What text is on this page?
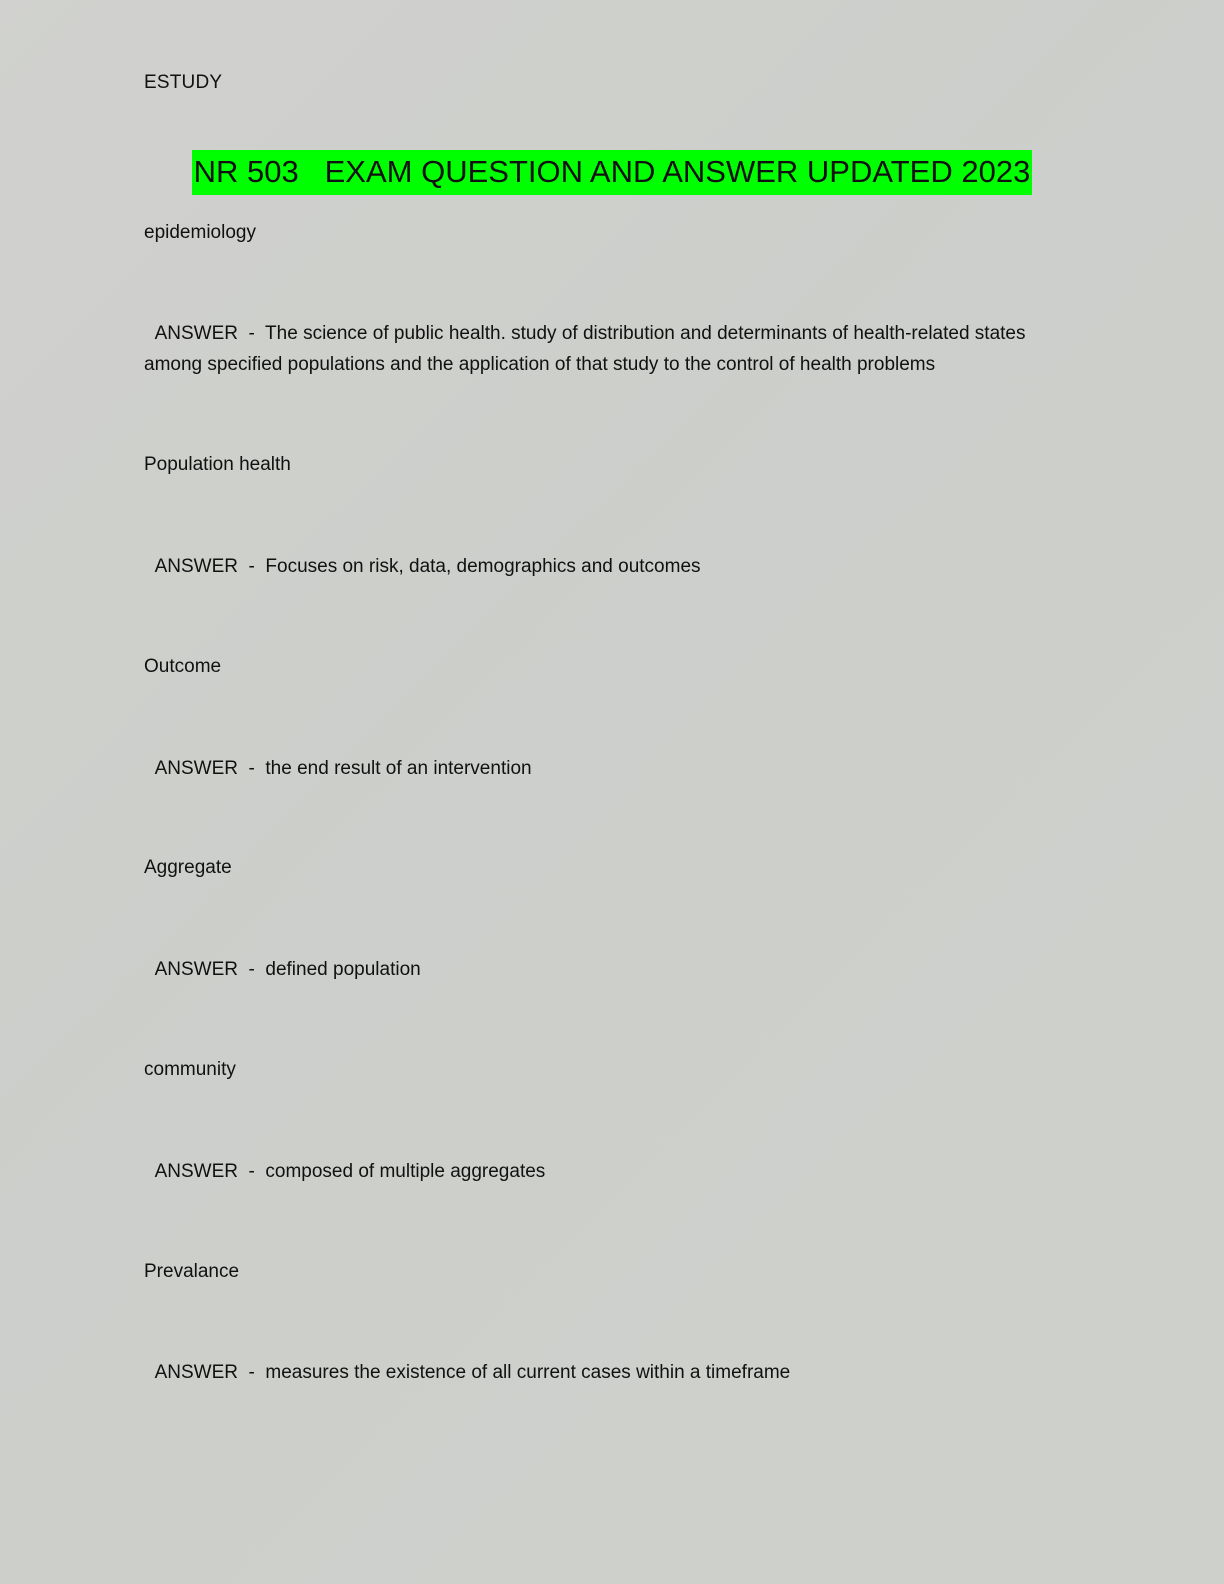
ESTUDY
NR 503   EXAM QUESTION AND ANSWER UPDATED 2023
epidemiology
ANSWER  -  The science of public health. study of distribution and determinants of health-related states among specified populations and the application of that study to the control of health problems
Population health
ANSWER  -  Focuses on risk, data, demographics and outcomes
Outcome
ANSWER  -  the end result of an intervention
Aggregate
ANSWER  -  defined population
community
ANSWER  -  composed of multiple aggregates
Prevalance
ANSWER  -  measures the existence of all current cases within a timeframe
